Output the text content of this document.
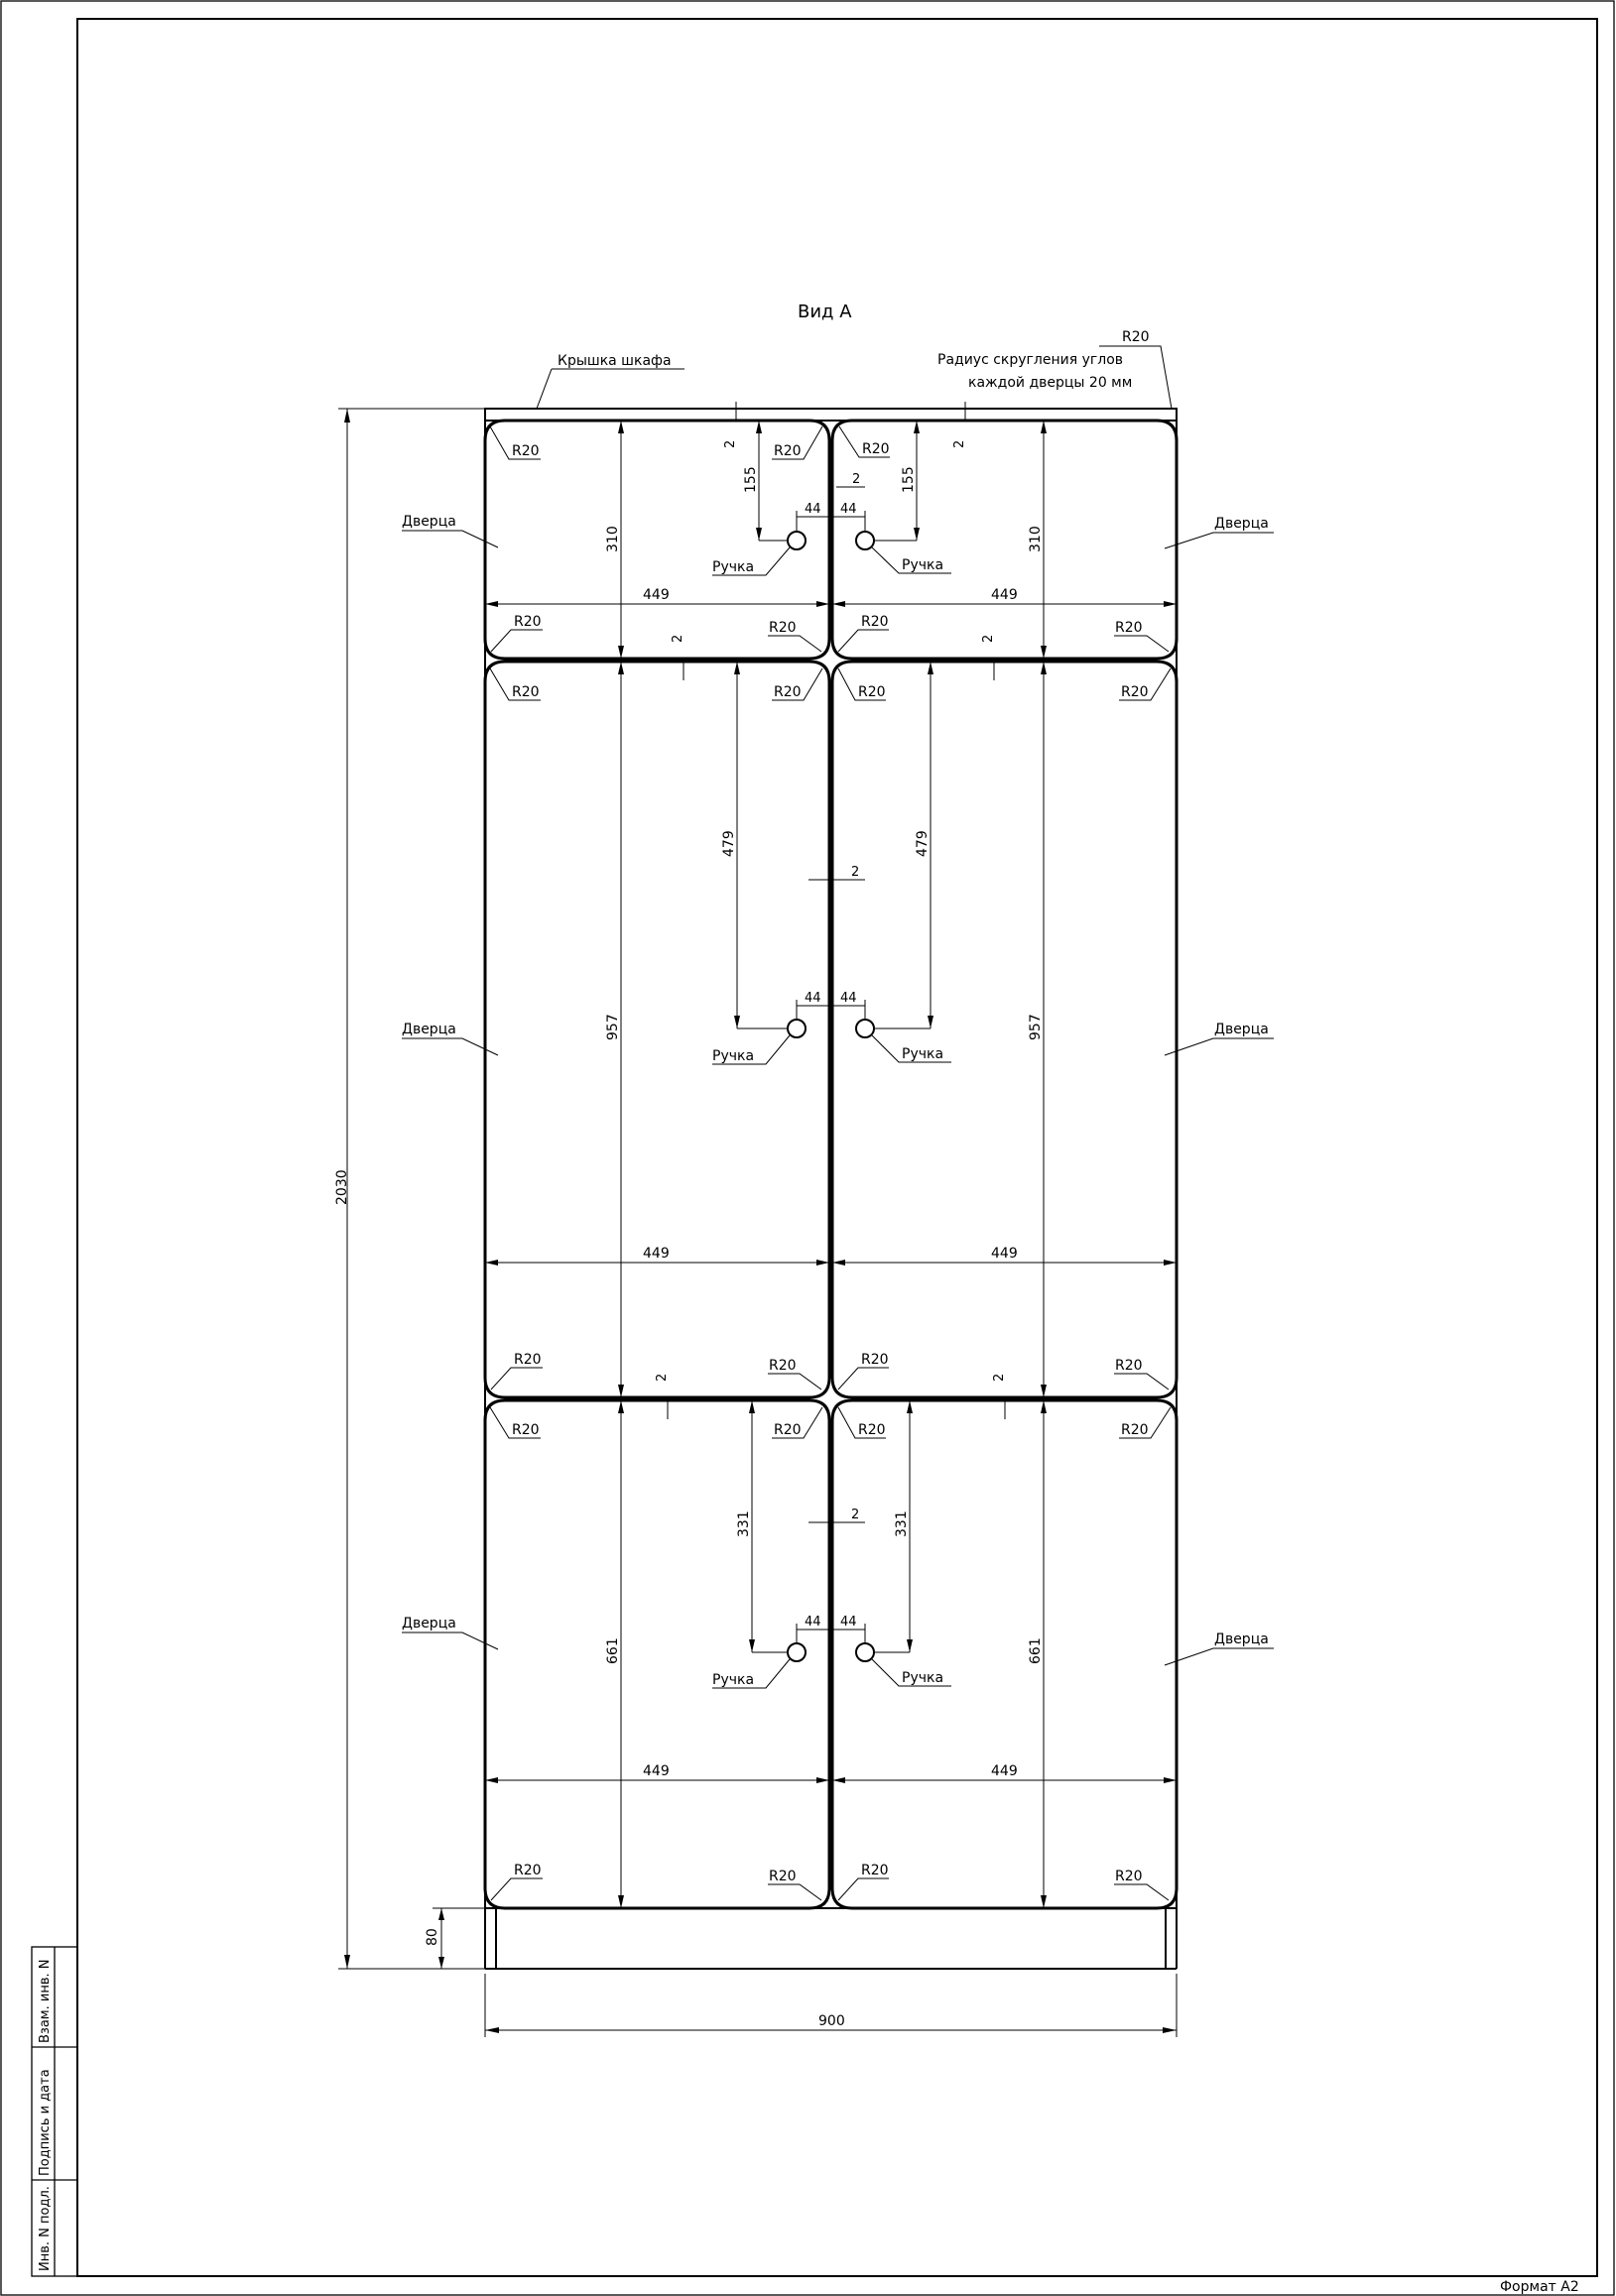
Инв. N подл.
Подпись и дата
Взам. инв. N
Формат А2
Вид А
R20
Радиус скругления углов
каждой дверцы 20 мм
Крышка шкафа
Ручка	Ручка
Ручка	Ручка
Ручка	Ручка
Дверца	Дверца
Дверца	Дверца
Дверца
Дверца
R20	R20	R20
R20	R20	R20	R20
R20	R20	R20	R20
R20	R20	R20	R20
R20	R20	R20	R20
R20	R20	R20	R20
2030
80
900
449	449
449	449
449	449
310	310
957	957
661	661
155	155
479	479
331	331
44 44
44 44
44 44
2	2
2
2	2
2
2	2
2
